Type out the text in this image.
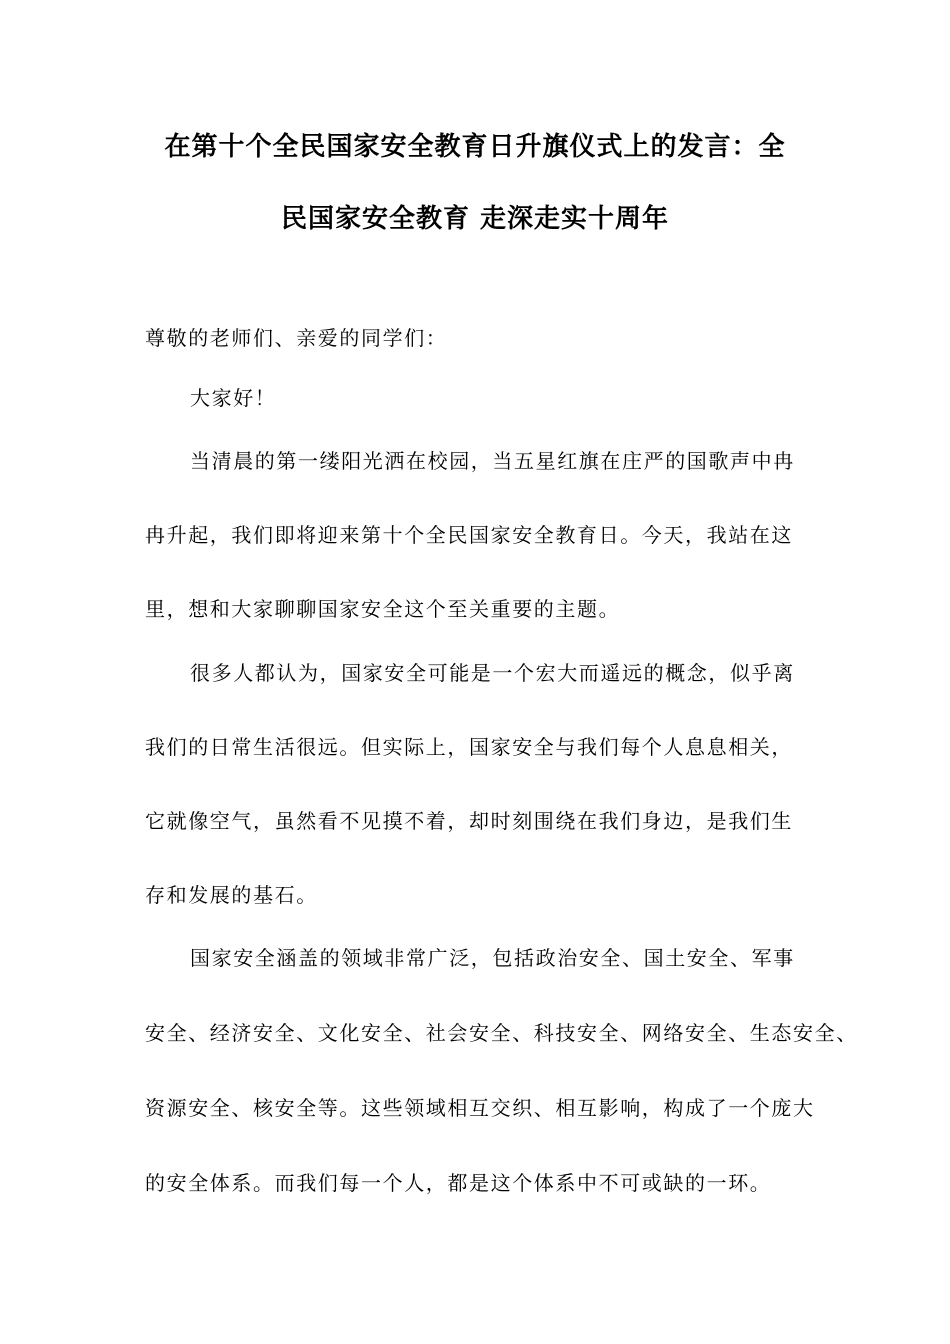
在第十个全民国家安全教育日升旗仪式上的发言：全
民国家安全教育 走深走实十周年
尊敬的老师们、亲爱的同学们：
大家好！
当清晨的第一缕阳光洒在校园，当五星红旗在庄严的国歌声中冉
冉升起，我们即将迎来第十个全民国家安全教育日。今天，我站在这
里，想和大家聊聊国家安全这个至关重要的主题。
很多人都认为，国家安全可能是一个宏大而遥远的概念，似乎离
我们的日常生活很远。但实际上，国家安全与我们每个人息息相关，
它就像空气，虽然看不见摸不着，却时刻围绕在我们身边，是我们生
存和发展的基石。
国家安全涵盖的领域非常广泛，包括政治安全、国土安全、军事
安全、经济安全、文化安全、社会安全、科技安全、网络安全、生态安全、
资源安全、核安全等。这些领域相互交织、相互影响，构成了一个庞大
的安全体系。而我们每一个人，都是这个体系中不可或缺的一环。
